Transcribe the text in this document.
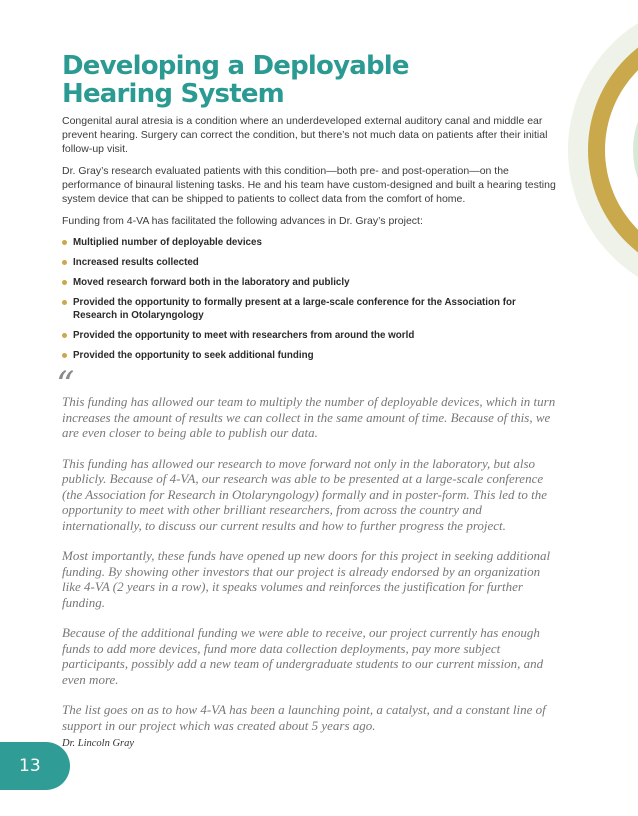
Developing a Deployable
Hearing System

Congenital aural atresia is a condition where an underdeveloped external auditory canal and middle ear prevent hearing. Surgery can correct the condition, but there’s not much data on patients after their initial follow-up visit.

Dr. Gray’s research evaluated patients with this condition—both pre- and post-operation—on the performance of binaural listening tasks. He and his team have custom-designed and built a hearing testing system device that can be shipped to patients to collect data from the comfort of home.

Funding from 4-VA has facilitated the following advances in Dr. Gray’s project:

Multiplied number of deployable devices
Increased results collected
Moved research forward both in the laboratory and publicly
Provided the opportunity to formally present at a large-scale conference for the Association for Research in Otolaryngology
Provided the opportunity to meet with researchers from around the world
Provided the opportunity to seek additional funding
“

This funding has allowed our team to multiply the number of deployable devices, which in turn increases the amount of results we can collect in the same amount of time. Because of this, we are even closer to being able to publish our data.

This funding has allowed our research to move forward not only in the laboratory, but also publicly. Because of 4-VA, our research was able to be presented at a large-scale conference (the Association for Research in Otolaryngology) formally and in poster-form. This led to the opportunity to meet with other brilliant researchers, from across the country and internationally, to discuss our current results and how to further progress the project.

Most importantly, these funds have opened up new doors for this project in seeking additional funding. By showing other investors that our project is already endorsed by an organization like 4-VA (2 years in a row), it speaks volumes and reinforces the justification for further funding.

Because of the additional funding we were able to receive, our project currently has enough funds to add more devices, fund more data collection deployments, pay more subject participants, possibly add a new team of undergraduate students to our current mission, and even more.

The list goes on as to how 4-VA has been a launching point, a catalyst, and a constant line of support in our project which was created about 5 years ago.

Dr. Lincoln Gray
13
